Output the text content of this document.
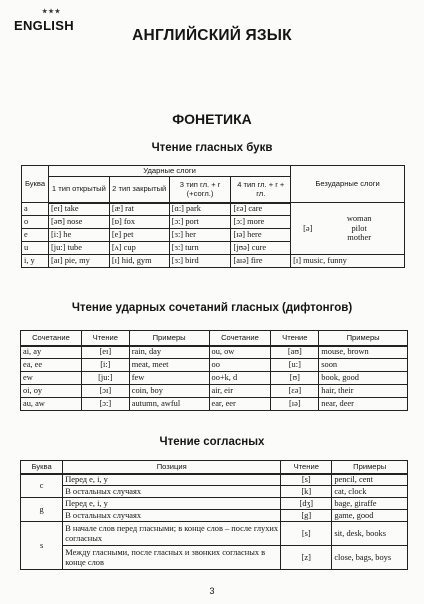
★★★
ENGLISH
АНГЛИЙСКИЙ ЯЗЫК
ФОНЕТИКА
Чтение гласных букв
Буква	Ударные слоги				Безударные слоги
	1 тип открытый	2 тип закрытый	3 тип гл. + r (+согл.)	4 тип гл. + r + гл.	
a	[eɪ] take	[æ] rat	[ɑ:] park	[ɛə] care	[ə]
woman pilot mother

o	[əʊ] nose	[ɒ] fox	[ɔ:] port	[ɔ:] more	
e	[i:] he	[e] pet	[ɜ:] her	[ɪə] here	
u	[ju:] tube	[ʌ] cup	[ɜ:] turn	[jʊə] cure	
i, y	[aɪ] pie, my	[ɪ] hid, gym	[ɜ:] bird	[aɪə] fire	[ɪ] music, funny
Чтение ударных сочетаний гласных (дифтонгов)
Сочетание	Чтение	Примеры	Сочетание	Чтение	Примеры
ai, ay	[eɪ]	rain, day	ou, ow	[aʊ]	mouse, brown
ea, ee	[i:]	meat, meet	oo	[u:]	soon
ew	[ju:]	few	oo+k, d	[ʊ]	book, good
oi, oy	[ɔɪ]	coin, boy	air, eir	[ɛə]	hair, their
au, aw	[ɔ:]	autumn, awful	ear, eer	[ɪə]	near, deer
Чтение согласных
Буква	Позиция	Чтение	Примеры
c	Перед e, i, y	[s]	pencil, cent
	В остальных случаях	[k]	cat, clock
g	Перед e, i, y	[dʒ]	bage, giraffe
	В остальных случаях	[g]	game, good
s	В начале слов перед гласными; в конце слов – после глухих согласных	[s]	sit, desk, books
	Между гласными, после гласных и звонких согласных в конце слов	[z]	close, bags, boys
3
